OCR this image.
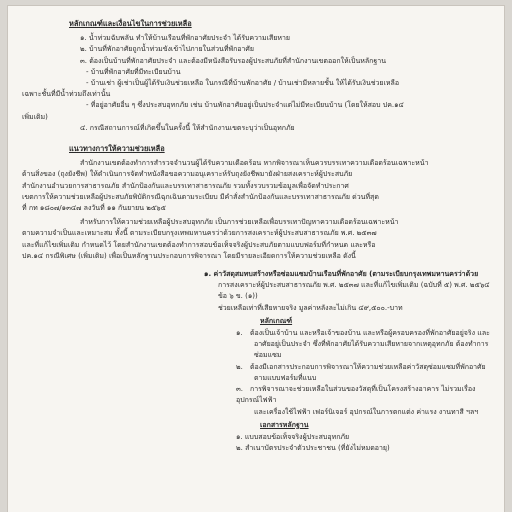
หลักเกณฑ์และเงื่อนไขในการช่วยเหลือ

๑. น้ำท่วมฉับพลัน ทำให้บ้านเรือนที่พักอาศัยประจำ ได้รับความเสียหาย

๒. บ้านที่พักอาศัยถูกน้ำท่วมขังเข้าไปภายในส่วนที่พักอาศัย

๓. ต้องเป็นบ้านที่พักอาศัยประจำ และต้องมีหนังสือรับรองผู้ประสบภัยที่สำนักงานเขตออกให้เป็นหลักฐาน

- บ้านที่พักอาศัยที่มีทะเบียนบ้าน

- บ้านเช่า ผู้เช่าเป็นผู้ได้รับเงินช่วยเหลือ ในกรณีที่บ้านพักอาศัย / บ้านเช่ามีหลายชั้น ให้ได้รับเงินช่วยเหลือ

เฉพาะชั้นที่มีน้ำท่วมถึงเท่านั้น

- ที่อยู่อาศัยอื่น ๆ ซึ่งประสบอุทกภัย เช่น บ้านพักอาศัยอยู่เป็นประจำแต่ไม่มีทะเบียนบ้าน (โดยให้สอบ ปค.๑๔

เพิ่มเติม)

๔. กรณีสถานการณ์ที่เกิดขึ้นในครั้งนี้ ให้สำนักงานเขตระบุว่าเป็นอุทกภัย

แนวทางการให้ความช่วยเหลือ

สำนักงานเขตต้องทำการสำรวจจำนวนผู้ได้รับความเดือดร้อน หากพิจารณาเห็นควรบรรเทาความเดือดร้อนเฉพาะหน้า

ด้านสิ่งของ (ถุงยังชีพ) ให้ดำเนินการจัดทำหนังสือขอความอนุเคราะห์รับถุงยังชีพมายังฝ่ายสงเคราะห์ผู้ประสบภัย

สำนักงานอำนวยการสาธารณภัย สำนักป้องกันและบรรเทาสาธารณภัย รวมทั้งรวบรวมข้อมูลเพื่อจัดทำประกาศ

เขตการให้ความช่วยเหลือผู้ประสบภัยพิบัติกรณีฉุกเฉินตามระเบียบ มีคำสั่งสำนักป้องกันและบรรเทาสาธารณภัย ด่วนที่สุด

ที่ กท ๑๘๐๗/๑๓๔๗ ลงวันที่ ๑๑ กันยายน ๒๕๖๕

สำหรับการให้ความช่วยเหลือผู้ประสบอุทกภัย เป็นการช่วยเหลือเพื่อบรรเทาปัญหาความเดือดร้อนเฉพาะหน้า

ตามความจำเป็นและเหมาะสม ทั้งนี้ ตามระเบียบกรุงเทพมหานครว่าด้วยการสงเคราะห์ผู้ประสบสาธารณภัย พ.ศ. ๒๕๓๗

และที่แก้ไขเพิ่มเติม กำหนดไว้ โดยสำนักงานเขตต้องทำการสอบข้อเท็จจริงผู้ประสบภัยตามแบบฟอร์มที่กำหนด และหรือ

ปค.๑๔ กรณีพิเศษ (เพิ่มเติม) เพื่อเป็นหลักฐานประกอบการพิจารณา โดยมีรายละเอียดการให้ความช่วยเหลือ ดังนี้

๑. ค่าวัสดุสมทบสร้างหรือซ่อมแซมบ้านเรือนที่พักอาศัย (ตามระเบียบกรุงเทพมหานครว่าด้วย

การสงเคราะห์ผู้ประสบสาธารณภัย พ.ศ. ๒๕๓๗ และที่แก้ไขเพิ่มเติม (ฉบับที่ ๕) พ.ศ. ๒๕๖๔ ข้อ ๖ ข. (๑))

ช่วยเหลือเท่าที่เสียหายจริง มูลค่าหลังละไม่เกิน ๔๙,๕๐๐.-บาท

หลักเกณฑ์

๑. ต้องเป็นเจ้าบ้าน และหรือเจ้าของบ้าน และหรือผู้ครอบครองที่พักอาศัยอยู่จริง และ

อาศัยอยู่เป็นประจำ ซึ่งที่พักอาศัยได้รับความเสียหายจากเหตุอุทกภัย ต้องทำการ

ซ่อมแซม

๒. ต้องมีเอกสารประกอบการพิจารณาให้ความช่วยเหลือค่าวัสดุซ่อมแซมที่พักอาศัย

ตามแบบฟอร์มที่แนบ

๓. การพิจารณาจะช่วยเหลือในส่วนของวัสดุที่เป็นโครงสร้างอาคาร ไม่รวมเรื่องอุปกรณ์ไฟฟ้า

และเครื่องใช้ไฟฟ้า เฟอร์นิเจอร์ อุปกรณ์ในการตกแต่ง ค่าแรง งานทาสี ฯลฯ

เอกสารหลักฐาน

๑. แบบสอบข้อเท็จจริงผู้ประสบอุทกภัย

๒. สำเนาบัตรประจำตัวประชาชน (ที่ยังไม่หมดอายุ)
